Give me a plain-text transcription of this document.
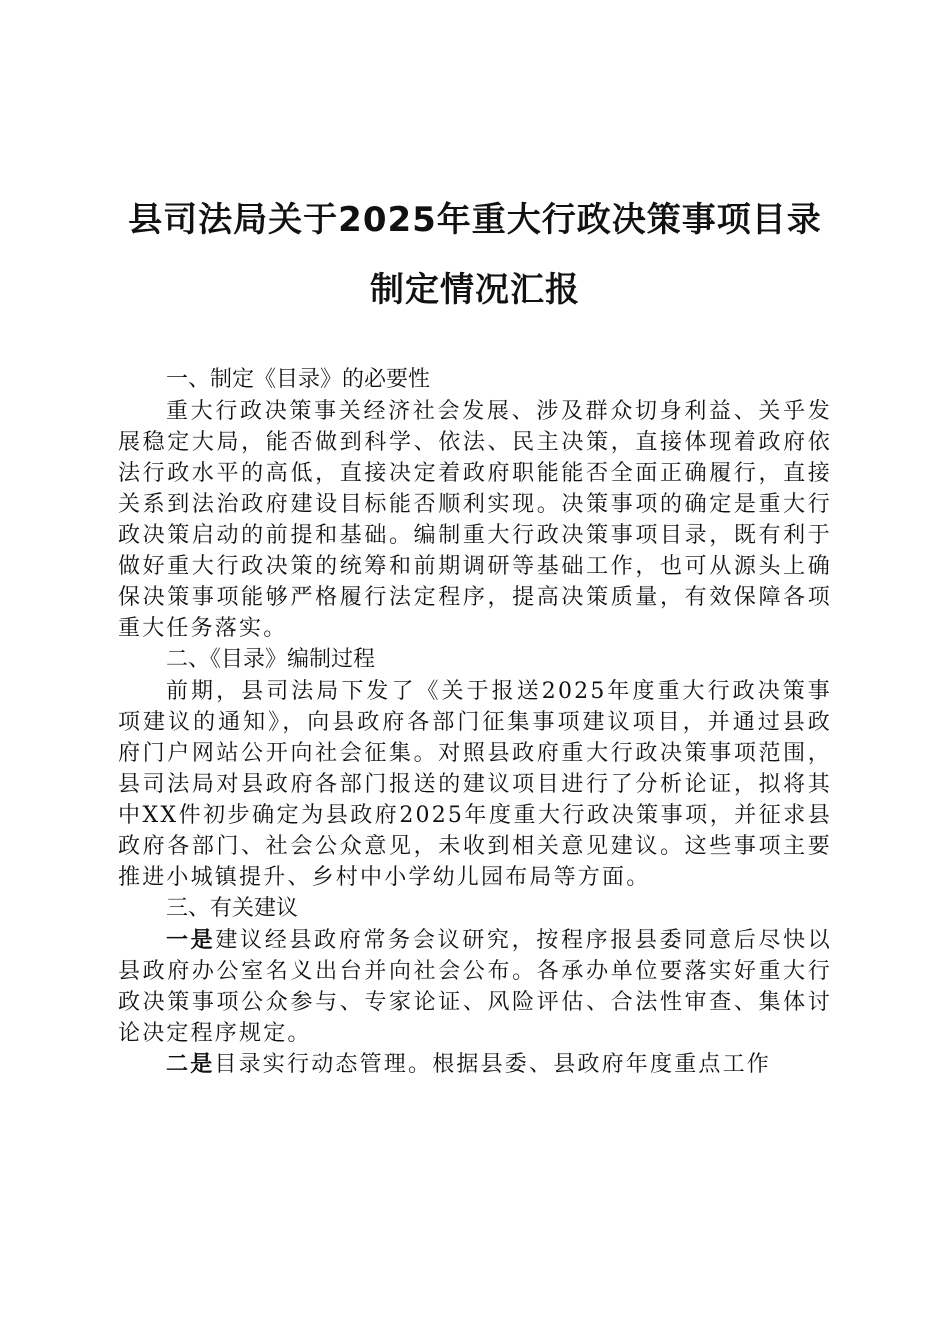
县司法局关于2025年重大行政决策事项目录
制定情况汇报
一、制定《目录》的必要性

重大行政决策事关经济社会发展、涉及群众切身利益、关乎发展稳定大局，能否做到科学、依法、民主决策，直接体现着政府依法行政水平的高低，直接决定着政府职能能否全面正确履行，直接关系到法治政府建设目标能否顺利实现。决策事项的确定是重大行政决策启动的前提和基础。编制重大行政决策事项目录，既有利于做好重大行政决策的统筹和前期调研等基础工作，也可从源头上确保决策事项能够严格履行法定程序，提高决策质量，有效保障各项重大任务落实。

二、《目录》编制过程

前期，县司法局下发了《关于报送2025年度重大行政决策事项建议的通知》，向县政府各部门征集事项建议项目，并通过县政府门户网站公开向社会征集。对照县政府重大行政决策事项范围，县司法局对县政府各部门报送的建议项目进行了分析论证，拟将其中XX件初步确定为县政府2025年度重大行政决策事项，并征求县政府各部门、社会公众意见，未收到相关意见建议。这些事项主要推进小城镇提升、乡村中小学幼儿园布局等方面。

三、有关建议

一是建议经县政府常务会议研究，按程序报县委同意后尽快以县政府办公室名义出台并向社会公布。各承办单位要落实好重大行政决策事项公众参与、专家论证、风险评估、合法性审查、集体讨论决定程序规定。

二是目录实行动态管理。根据县委、县政府年度重点工作
